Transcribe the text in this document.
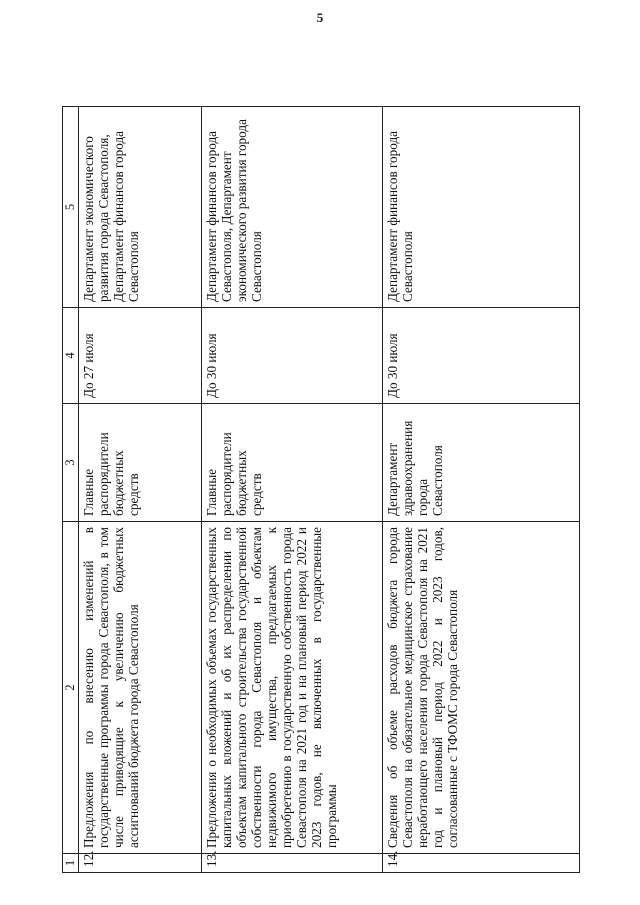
5
1	2	3	4	5
12.	Предложения по внесению изменений в государственные программы города Севастополя, в том числе приводящие к увеличению бюджетных ассигнований бюджета города Севастополя	Главные распорядители бюджетных средств	До 27 июля	Департамент экономического развития города Севастополя, Департамент финансов города Севастополя
13.	Предложения о необходимых объемах государственных капитальных вложений и об их распределении по объектам капитального строительства государственной собственности города Севастополя и объектам недвижимого имущества, предлагаемых к приобретению в государственную собственность города Севастополя на 2021 год и на плановый период 2022 и 2023 годов, не включенных в государственные программы	Главные распорядители бюджетных средств	До 30 июля	Департамент финансов города Севастополя, Департамент экономического развития города Севастополя
14.	Сведения об объеме расходов бюджета города Севастополя на обязательное медицинское страхование неработающего населения города Севастополя на 2021 год и плановый период 2022 и 2023 годов, согласованные с ТФОМС города Севастополя	Департамент здравоохранения города Севастополя	До 30 июля	Департамент финансов города Севастополя
